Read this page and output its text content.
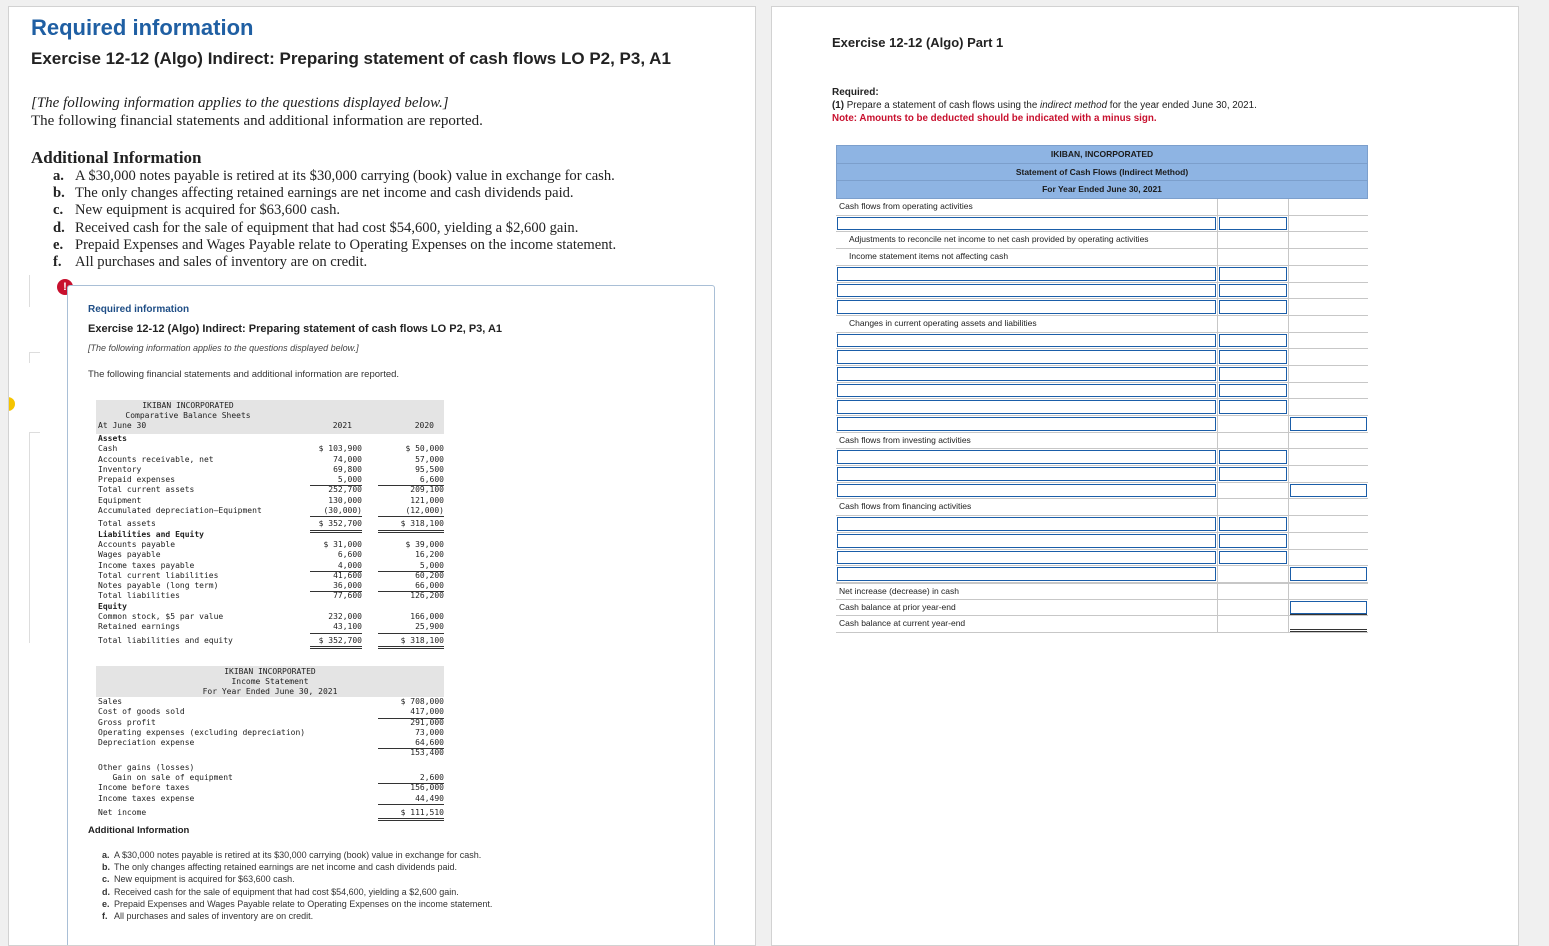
Required information
Exercise 12-12 (Algo) Indirect: Preparing statement of cash flows LO P2, P3, A1
[The following information applies to the questions displayed below.]
The following financial statements and additional information are reported.
Additional Information
a. A $30,000 notes payable is retired at its $30,000 carrying (book) value in exchange for cash.
b. The only changes affecting retained earnings are net income and cash dividends paid.
c. New equipment is acquired for $63,600 cash.
d. Received cash for the sale of equipment that had cost $54,600, yielding a $2,600 gain.
e. Prepaid Expenses and Wages Payable relate to Operating Expenses on the income statement.
f. All purchases and sales of inventory are on credit.
!
Required information
Exercise 12-12 (Algo) Indirect: Preparing statement of cash flows LO P2, P3, A1
[The following information applies to the questions displayed below.]
The following financial statements and additional information are reported.
IKIBAN INCORPORATED
Comparative Balance Sheets
At June 30	2021	2020
Assets
Cash	$ 103,900	$ 50,000
Accounts receivable, net	74,000	57,000
Inventory	69,800	95,500
Prepaid expenses	5,000	6,600
Total current assets	252,700	209,100
Equipment	130,000	121,000
Accumulated depreciation—Equipment	(30,000)	(12,000)
Total assets	$ 352,700	$ 318,100
Liabilities and Equity
Accounts payable	$ 31,000	$ 39,000
Wages payable	6,600	16,200
Income taxes payable	4,000	5,000
Total current liabilities	41,600	60,200
Notes payable (long term)	36,000	66,000
Total liabilities	77,600	126,200
Equity
Common stock, $5 par value	232,000	166,000
Retained earnings	43,100	25,900
Total liabilities and equity	$ 352,700	$ 318,100
IKIBAN INCORPORATED
Income Statement
For Year Ended June 30, 2021
Sales	$ 708,000
Cost of goods sold	417,000
Gross profit	291,000
Operating expenses (excluding depreciation)	73,000
Depreciation expense	64,600
153,400
Other gains (losses)
Gain on sale of equipment	2,600
Income before taxes	156,000
Income taxes expense	44,490
Net income	$ 111,510
Additional Information
a. A $30,000 notes payable is retired at its $30,000 carrying (book) value in exchange for cash.
b. The only changes affecting retained earnings are net income and cash dividends paid.
c. New equipment is acquired for $63,600 cash.
d. Received cash for the sale of equipment that had cost $54,600, yielding a $2,600 gain.
e. Prepaid Expenses and Wages Payable relate to Operating Expenses on the income statement.
f. All purchases and sales of inventory are on credit.
Exercise 12-12 (Algo) Part 1
Required:
(1) Prepare a statement of cash flows using the indirect method for the year ended June 30, 2021.
Note: Amounts to be deducted should be indicated with a minus sign.
IKIBAN, INCORPORATED
Statement of Cash Flows (Indirect Method)
For Year Ended June 30, 2021
Cash flows from operating activities
Adjustments to reconcile net income to net cash provided by operating activities
Income statement items not affecting cash
Changes in current operating assets and liabilities
Cash flows from investing activities
Cash flows from financing activities
Net increase (decrease) in cash
Cash balance at prior year-end
Cash balance at current year-end
